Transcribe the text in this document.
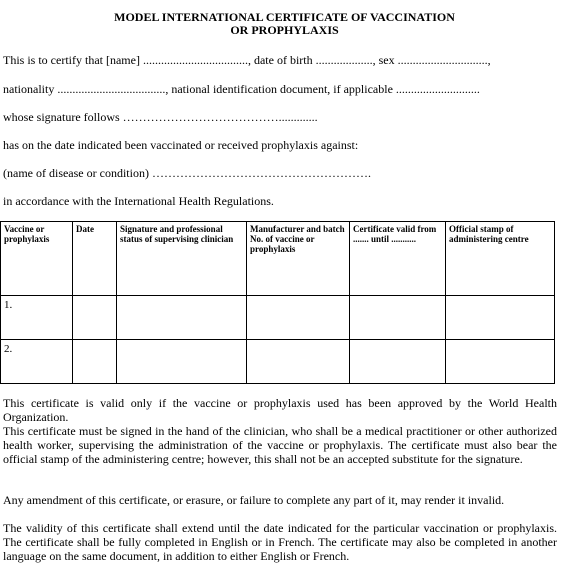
MODEL INTERNATIONAL CERTIFICATE OF VACCINATION
OR PROPHYLAXIS
This is to certify that [name] ..................................., date of birth ..................., sex ..............................,
nationality ...................................., national identification document, if applicable ............................
whose signature follows ………………………………….............
has on the date indicated been vaccinated or received prophylaxis against:
(name of disease or condition) ……………………………………………….
in accordance with the International Health Regulations.
Vaccine or prophylaxis	Date	Signature and professional status of supervising clinician	Manufacturer and batch No. of vaccine or prophylaxis	Certificate valid from ....... until ...........	Official stamp of administering centre
1.					
2.					
This certificate is valid only if the vaccine or prophylaxis used has been approved by the World Health Organization.
This certificate must be signed in the hand of the clinician, who shall be a medical practitioner or other authorized health worker, supervising the administration of the vaccine or prophylaxis. The certificate must also bear the official stamp of the administering centre; however, this shall not be an accepted substitute for the signature.
Any amendment of this certificate, or erasure, or failure to complete any part of it, may render it invalid.
The validity of this certificate shall extend until the date indicated for the particular vaccination or prophylaxis. The certificate shall be fully completed in English or in French. The certificate may also be completed in another language on the same document, in addition to either English or French.
